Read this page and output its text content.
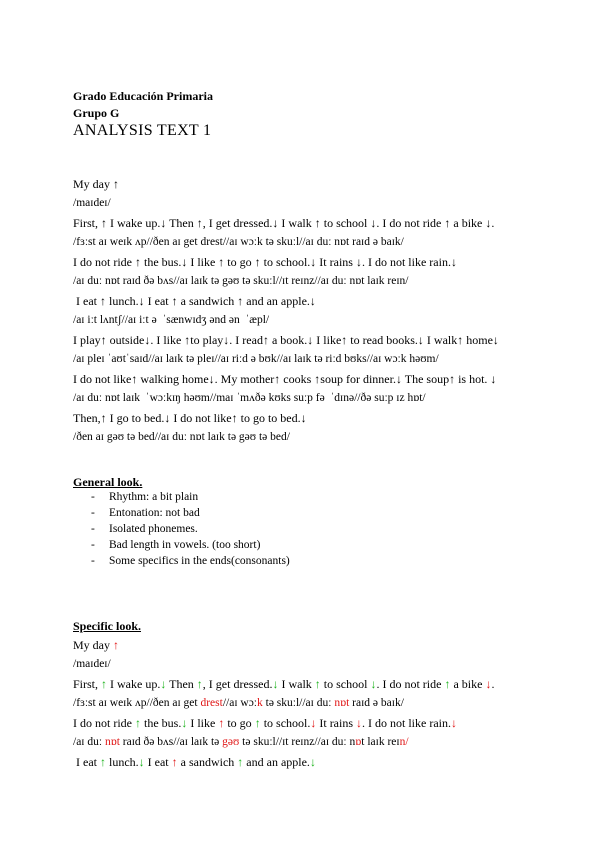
Grado Educación Primaria
Grupo G
ANALYSIS TEXT 1
My day ↑
/maɪdeɪ/
First, ↑ I wake up.↓ Then ↑, I get dressed.↓ I walk ↑ to school ↓. I do not ride ↑ a bike ↓.
/fɜːst aɪ weɪk ʌp//ðen aɪ get drest//aɪ wɔːk tə skuːl//aɪ duː nɒt raɪd ə baɪk/
I do not ride ↑ the bus.↓ I like ↑ to go ↑ to school.↓ It rains ↓. I do not like rain.↓
/aɪ duː nɒt raɪd ðə bʌs//aɪ laɪk tə gəʊ tə skuːl//ɪt reɪnz//aɪ duː nɒt laɪk reɪn/
I eat ↑ lunch.↓ I eat ↑ a sandwich ↑ and an apple.↓
/aɪ iːt lʌntʃ//aɪ iːt ə  ˈsænwɪdʒ ənd ən  ˈæpl/
I play↑ outside↓. I like ↑to play↓. I read↑ a book.↓ I like↑ to read books.↓ I walk↑ home↓
/aɪ pleɪ ˈaʊtˈsaɪd//aɪ laɪk tə pleɪ//aɪ riːd ə bʊk//aɪ laɪk tə riːd bʊks//aɪ wɔːk həʊm/
I do not like↑ walking home↓. My mother↑ cooks ↑soup for dinner.↓ The soup↑ is hot. ↓
/aɪ duː nɒt laɪk  ˈwɔːkɪŋ həʊm//maɪ ˈmʌðə kʊks suːp fə  ˈdɪnə//ðə suːp ɪz hɒt/
Then,↑ I go to bed.↓ I do not like↑ to go to bed.↓
/ðen aɪ gəʊ tə bed//aɪ duː nɒt laɪk tə gəʊ tə bed/
General look.
- Rhythm: a bit plain
- Entonation: not bad
- Isolated phonemes.
- Bad length in vowels. (too short)
- Some specifics in the ends(consonants)
Specific look.
My day ↑
/maɪdeɪ/
First, ↑ I wake up.↓ Then ↑, I get dressed.↓ I walk ↑ to school ↓. I do not ride ↑ a bike ↓.
/fɜːst aɪ weɪk ʌp//ðen aɪ get drest//aɪ wɔːk tə skuːl//aɪ duː nɒt raɪd ə baɪk/
I do not ride ↑ the bus.↓ I like ↑ to go ↑ to school.↓ It rains ↓. I do not like rain.↓
/aɪ duː nɒt raɪd ðə bʌs//aɪ laɪk tə gəʊ tə skuːl//ɪt reɪnz//aɪ duː nɒt laɪk reɪn/
I eat ↑ lunch.↓ I eat ↑ a sandwich ↑ and an apple.↓
